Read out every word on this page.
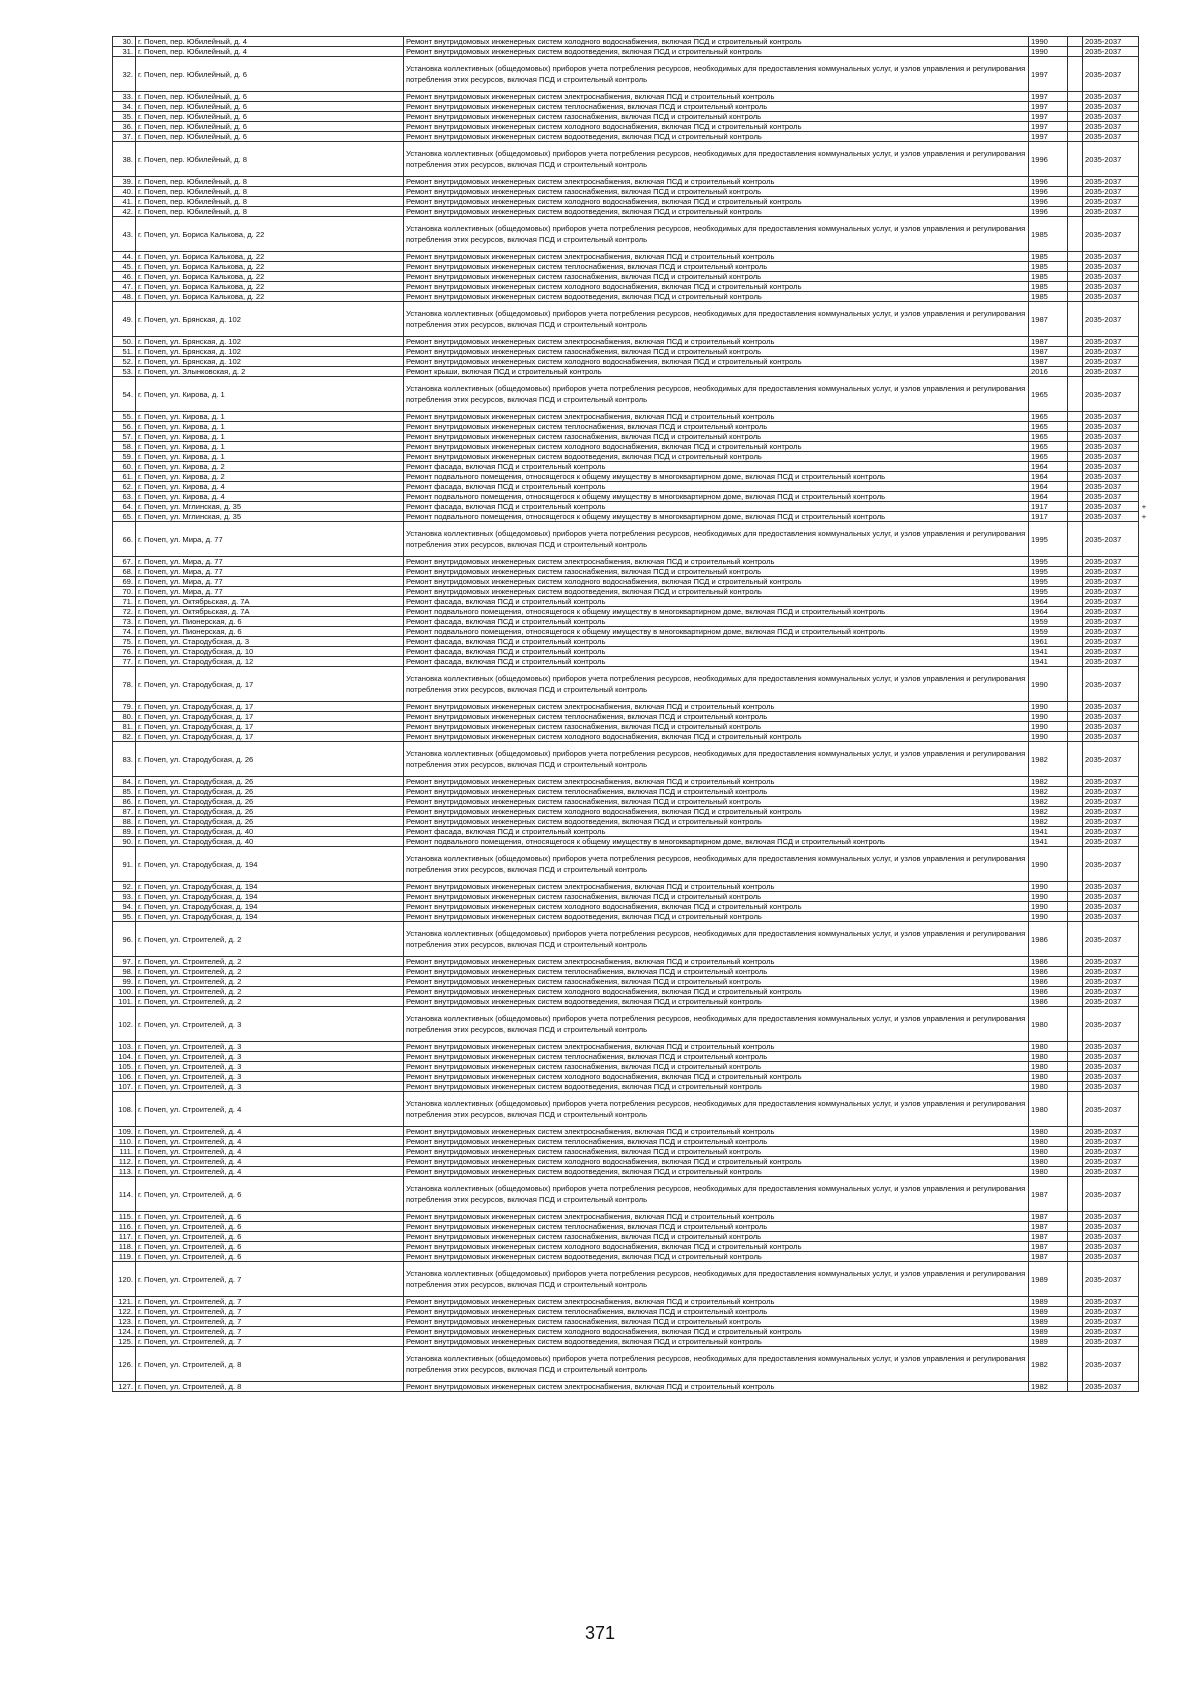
30.	г. Почеп, пер. Юбилейный, д. 4	Ремонт внутридомовых инженерных систем холодного водоснабжения, включая ПСД и строительный контроль	1990		2035-2037	
31.	г. Почеп, пер. Юбилейный, д. 4	Ремонт внутридомовых инженерных систем водоотведения, включая ПСД и строительный контроль	1990		2035-2037	
32.	г. Почеп, пер. Юбилейный, д. 6	Установка коллективных (общедомовых) приборов учета потребления ресурсов, необходимых для предоставления коммунальных услуг, и узлов управления и регулирования потребления этих ресурсов, включая ПСД и строительный контроль	1997		2035-2037	
33.	г. Почеп, пер. Юбилейный, д. 6	Ремонт внутридомовых инженерных систем электроснабжения, включая ПСД и строительный контроль	1997		2035-2037	
34.	г. Почеп, пер. Юбилейный, д. 6	Ремонт внутридомовых инженерных систем теплоснабжения, включая ПСД и строительный контроль	1997		2035-2037	
35.	г. Почеп, пер. Юбилейный, д. 6	Ремонт внутридомовых инженерных систем газоснабжения, включая ПСД и строительный контроль	1997		2035-2037	
36.	г. Почеп, пер. Юбилейный, д. 6	Ремонт внутридомовых инженерных систем холодного водоснабжения, включая ПСД и строительный контроль	1997		2035-2037	
37.	г. Почеп, пер. Юбилейный, д. 6	Ремонт внутридомовых инженерных систем водоотведения, включая ПСД и строительный контроль	1997		2035-2037	
38.	г. Почеп, пер. Юбилейный, д. 8	Установка коллективных (общедомовых) приборов учета потребления ресурсов, необходимых для предоставления коммунальных услуг, и узлов управления и регулирования потребления этих ресурсов, включая ПСД и строительный контроль	1996		2035-2037	
39.	г. Почеп, пер. Юбилейный, д. 8	Ремонт внутридомовых инженерных систем электроснабжения, включая ПСД и строительный контроль	1996		2035-2037	
40.	г. Почеп, пер. Юбилейный, д. 8	Ремонт внутридомовых инженерных систем газоснабжения, включая ПСД и строительный контроль	1996		2035-2037	
41.	г. Почеп, пер. Юбилейный, д. 8	Ремонт внутридомовых инженерных систем холодного водоснабжения, включая ПСД и строительный контроль	1996		2035-2037	
42.	г. Почеп, пер. Юбилейный, д. 8	Ремонт внутридомовых инженерных систем водоотведения, включая ПСД и строительный контроль	1996		2035-2037	
43.	г. Почеп, ул. Бориса Калькова, д. 22	Установка коллективных (общедомовых) приборов учета потребления ресурсов, необходимых для предоставления коммунальных услуг, и узлов управления и регулирования потребления этих ресурсов, включая ПСД и строительный контроль	1985		2035-2037	
44.	г. Почеп, ул. Бориса Калькова, д. 22	Ремонт внутридомовых инженерных систем электроснабжения, включая ПСД и строительный контроль	1985		2035-2037	
45.	г. Почеп, ул. Бориса Калькова, д. 22	Ремонт внутридомовых инженерных систем теплоснабжения, включая ПСД и строительный контроль	1985		2035-2037	
46.	г. Почеп, ул. Бориса Калькова, д. 22	Ремонт внутридомовых инженерных систем газоснабжения, включая ПСД и строительный контроль	1985		2035-2037	
47.	г. Почеп, ул. Бориса Калькова, д. 22	Ремонт внутридомовых инженерных систем холодного водоснабжения, включая ПСД и строительный контроль	1985		2035-2037	
48.	г. Почеп, ул. Бориса Калькова, д. 22	Ремонт внутридомовых инженерных систем водоотведения, включая ПСД и строительный контроль	1985		2035-2037	
49.	г. Почеп, ул. Брянская, д. 102	Установка коллективных (общедомовых) приборов учета потребления ресурсов, необходимых для предоставления коммунальных услуг, и узлов управления и регулирования потребления этих ресурсов, включая ПСД и строительный контроль	1987		2035-2037	
50.	г. Почеп, ул. Брянская, д. 102	Ремонт внутридомовых инженерных систем электроснабжения, включая ПСД и строительный контроль	1987		2035-2037	
51.	г. Почеп, ул. Брянская, д. 102	Ремонт внутридомовых инженерных систем газоснабжения, включая ПСД и строительный контроль	1987		2035-2037	
52.	г. Почеп, ул. Брянская, д. 102	Ремонт внутридомовых инженерных систем холодного водоснабжения, включая ПСД и строительный контроль	1987		2035-2037	
53.	г. Почеп, ул. Злынковская, д. 2	Ремонт крыши, включая ПСД и строительный контроль	2016		2035-2037	
54.	г. Почеп, ул. Кирова, д. 1	Установка коллективных (общедомовых) приборов учета потребления ресурсов, необходимых для предоставления коммунальных услуг, и узлов управления и регулирования потребления этих ресурсов, включая ПСД и строительный контроль	1965		2035-2037	
55.	г. Почеп, ул. Кирова, д. 1	Ремонт внутридомовых инженерных систем электроснабжения, включая ПСД и строительный контроль	1965		2035-2037	
56.	г. Почеп, ул. Кирова, д. 1	Ремонт внутридомовых инженерных систем теплоснабжения, включая ПСД и строительный контроль	1965		2035-2037	
57.	г. Почеп, ул. Кирова, д. 1	Ремонт внутридомовых инженерных систем газоснабжения, включая ПСД и строительный контроль	1965		2035-2037	
58.	г. Почеп, ул. Кирова, д. 1	Ремонт внутридомовых инженерных систем холодного водоснабжения, включая ПСД и строительный контроль	1965		2035-2037	
59.	г. Почеп, ул. Кирова, д. 1	Ремонт внутридомовых инженерных систем водоотведения, включая ПСД и строительный контроль	1965		2035-2037	
60.	г. Почеп, ул. Кирова, д. 2	Ремонт фасада, включая ПСД и строительный контроль	1964		2035-2037	
61.	г. Почеп, ул. Кирова, д. 2	Ремонт подвального помещения, относящегося к общему имуществу в многоквартирном доме, включая ПСД и строительный контроль	1964		2035-2037	
62.	г. Почеп, ул. Кирова, д. 4	Ремонт фасада, включая ПСД и строительный контроль	1964		2035-2037	
63.	г. Почеп, ул. Кирова, д. 4	Ремонт подвального помещения, относящегося к общему имуществу в многоквартирном доме, включая ПСД и строительный контроль	1964		2035-2037	
64.	г. Почеп, ул. Мглинская, д. 35	Ремонт фасада, включая ПСД и строительный контроль	1917		2035-2037	+
65.	г. Почеп, ул. Мглинская, д. 35	Ремонт подвального помещения, относящегося к общему имуществу в многоквартирном доме, включая ПСД и строительный контроль	1917		2035-2037	+
66.	г. Почеп, ул. Мира, д. 77	Установка коллективных (общедомовых) приборов учета потребления ресурсов, необходимых для предоставления коммунальных услуг, и узлов управления и регулирования потребления этих ресурсов, включая ПСД и строительный контроль	1995		2035-2037	
67.	г. Почеп, ул. Мира, д. 77	Ремонт внутридомовых инженерных систем электроснабжения, включая ПСД и строительный контроль	1995		2035-2037	
68.	г. Почеп, ул. Мира, д. 77	Ремонт внутридомовых инженерных систем газоснабжения, включая ПСД и строительный контроль	1995		2035-2037	
69.	г. Почеп, ул. Мира, д. 77	Ремонт внутридомовых инженерных систем холодного водоснабжения, включая ПСД и строительный контроль	1995		2035-2037	
70.	г. Почеп, ул. Мира, д. 77	Ремонт внутридомовых инженерных систем водоотведения, включая ПСД и строительный контроль	1995		2035-2037	
71.	г. Почеп, ул. Октябрьская, д. 7А	Ремонт фасада, включая ПСД и строительный контроль	1964		2035-2037	
72.	г. Почеп, ул. Октябрьская, д. 7А	Ремонт подвального помещения, относящегося к общему имуществу в многоквартирном доме, включая ПСД и строительный контроль	1964		2035-2037	
73.	г. Почеп, ул. Пионерская, д. 6	Ремонт фасада, включая ПСД и строительный контроль	1959		2035-2037	
74.	г. Почеп, ул. Пионерская, д. 6	Ремонт подвального помещения, относящегося к общему имуществу в многоквартирном доме, включая ПСД и строительный контроль	1959		2035-2037	
75.	г. Почеп, ул. Стародубская, д. 3	Ремонт фасада, включая ПСД и строительный контроль	1961		2035-2037	
76.	г. Почеп, ул. Стародубская, д. 10	Ремонт фасада, включая ПСД и строительный контроль	1941		2035-2037	
77.	г. Почеп, ул. Стародубская, д. 12	Ремонт фасада, включая ПСД и строительный контроль	1941		2035-2037	
78.	г. Почеп, ул. Стародубская, д. 17	Установка коллективных (общедомовых) приборов учета потребления ресурсов, необходимых для предоставления коммунальных услуг, и узлов управления и регулирования потребления этих ресурсов, включая ПСД и строительный контроль	1990		2035-2037	
79.	г. Почеп, ул. Стародубская, д. 17	Ремонт внутридомовых инженерных систем электроснабжения, включая ПСД и строительный контроль	1990		2035-2037	
80.	г. Почеп, ул. Стародубская, д. 17	Ремонт внутридомовых инженерных систем теплоснабжения, включая ПСД и строительный контроль	1990		2035-2037	
81.	г. Почеп, ул. Стародубская, д. 17	Ремонт внутридомовых инженерных систем газоснабжения, включая ПСД и строительный контроль	1990		2035-2037	
82.	г. Почеп, ул. Стародубская, д. 17	Ремонт внутридомовых инженерных систем холодного водоснабжения, включая ПСД и строительный контроль	1990		2035-2037	
83.	г. Почеп, ул. Стародубская, д. 26	Установка коллективных (общедомовых) приборов учета потребления ресурсов, необходимых для предоставления коммунальных услуг, и узлов управления и регулирования потребления этих ресурсов, включая ПСД и строительный контроль	1982		2035-2037	
84.	г. Почеп, ул. Стародубская, д. 26	Ремонт внутридомовых инженерных систем электроснабжения, включая ПСД и строительный контроль	1982		2035-2037	
85.	г. Почеп, ул. Стародубская, д. 26	Ремонт внутридомовых инженерных систем теплоснабжения, включая ПСД и строительный контроль	1982		2035-2037	
86.	г. Почеп, ул. Стародубская, д. 26	Ремонт внутридомовых инженерных систем газоснабжения, включая ПСД и строительный контроль	1982		2035-2037	
87.	г. Почеп, ул. Стародубская, д. 26	Ремонт внутридомовых инженерных систем холодного водоснабжения, включая ПСД и строительный контроль	1982		2035-2037	
88.	г. Почеп, ул. Стародубская, д. 26	Ремонт внутридомовых инженерных систем водоотведения, включая ПСД и строительный контроль	1982		2035-2037	
89.	г. Почеп, ул. Стародубская, д. 40	Ремонт фасада, включая ПСД и строительный контроль	1941		2035-2037	
90.	г. Почеп, ул. Стародубская, д. 40	Ремонт подвального помещения, относящегося к общему имуществу в многоквартирном доме, включая ПСД и строительный контроль	1941		2035-2037	
91.	г. Почеп, ул. Стародубская, д. 194	Установка коллективных (общедомовых) приборов учета потребления ресурсов, необходимых для предоставления коммунальных услуг, и узлов управления и регулирования потребления этих ресурсов, включая ПСД и строительный контроль	1990		2035-2037	
92.	г. Почеп, ул. Стародубская, д. 194	Ремонт внутридомовых инженерных систем электроснабжения, включая ПСД и строительный контроль	1990		2035-2037	
93.	г. Почеп, ул. Стародубская, д. 194	Ремонт внутридомовых инженерных систем газоснабжения, включая ПСД и строительный контроль	1990		2035-2037	
94.	г. Почеп, ул. Стародубская, д. 194	Ремонт внутридомовых инженерных систем холодного водоснабжения, включая ПСД и строительный контроль	1990		2035-2037	
95.	г. Почеп, ул. Стародубская, д. 194	Ремонт внутридомовых инженерных систем водоотведения, включая ПСД и строительный контроль	1990		2035-2037	
96.	г. Почеп, ул. Строителей, д. 2	Установка коллективных (общедомовых) приборов учета потребления ресурсов, необходимых для предоставления коммунальных услуг, и узлов управления и регулирования потребления этих ресурсов, включая ПСД и строительный контроль	1986		2035-2037	
97.	г. Почеп, ул. Строителей, д. 2	Ремонт внутридомовых инженерных систем электроснабжения, включая ПСД и строительный контроль	1986		2035-2037	
98.	г. Почеп, ул. Строителей, д. 2	Ремонт внутридомовых инженерных систем теплоснабжения, включая ПСД и строительный контроль	1986		2035-2037	
99.	г. Почеп, ул. Строителей, д. 2	Ремонт внутридомовых инженерных систем газоснабжения, включая ПСД и строительный контроль	1986		2035-2037	
100.	г. Почеп, ул. Строителей, д. 2	Ремонт внутридомовых инженерных систем холодного водоснабжения, включая ПСД и строительный контроль	1986		2035-2037	
101.	г. Почеп, ул. Строителей, д. 2	Ремонт внутридомовых инженерных систем водоотведения, включая ПСД и строительный контроль	1986		2035-2037	
102.	г. Почеп, ул. Строителей, д. 3	Установка коллективных (общедомовых) приборов учета потребления ресурсов, необходимых для предоставления коммунальных услуг, и узлов управления и регулирования потребления этих ресурсов, включая ПСД и строительный контроль	1980		2035-2037	
103.	г. Почеп, ул. Строителей, д. 3	Ремонт внутридомовых инженерных систем электроснабжения, включая ПСД и строительный контроль	1980		2035-2037	
104.	г. Почеп, ул. Строителей, д. 3	Ремонт внутридомовых инженерных систем теплоснабжения, включая ПСД и строительный контроль	1980		2035-2037	
105.	г. Почеп, ул. Строителей, д. 3	Ремонт внутридомовых инженерных систем газоснабжения, включая ПСД и строительный контроль	1980		2035-2037	
106.	г. Почеп, ул. Строителей, д. 3	Ремонт внутридомовых инженерных систем холодного водоснабжения, включая ПСД и строительный контроль	1980		2035-2037	
107.	г. Почеп, ул. Строителей, д. 3	Ремонт внутридомовых инженерных систем водоотведения, включая ПСД и строительный контроль	1980		2035-2037	
108.	г. Почеп, ул. Строителей, д. 4	Установка коллективных (общедомовых) приборов учета потребления ресурсов, необходимых для предоставления коммунальных услуг, и узлов управления и регулирования потребления этих ресурсов, включая ПСД и строительный контроль	1980		2035-2037	
109.	г. Почеп, ул. Строителей, д. 4	Ремонт внутридомовых инженерных систем электроснабжения, включая ПСД и строительный контроль	1980		2035-2037	
110.	г. Почеп, ул. Строителей, д. 4	Ремонт внутридомовых инженерных систем теплоснабжения, включая ПСД и строительный контроль	1980		2035-2037	
111.	г. Почеп, ул. Строителей, д. 4	Ремонт внутридомовых инженерных систем газоснабжения, включая ПСД и строительный контроль	1980		2035-2037	
112.	г. Почеп, ул. Строителей, д. 4	Ремонт внутридомовых инженерных систем холодного водоснабжения, включая ПСД и строительный контроль	1980		2035-2037	
113.	г. Почеп, ул. Строителей, д. 4	Ремонт внутридомовых инженерных систем водоотведения, включая ПСД и строительный контроль	1980		2035-2037	
114.	г. Почеп, ул. Строителей, д. 6	Установка коллективных (общедомовых) приборов учета потребления ресурсов, необходимых для предоставления коммунальных услуг, и узлов управления и регулирования потребления этих ресурсов, включая ПСД и строительный контроль	1987		2035-2037	
115.	г. Почеп, ул. Строителей, д. 6	Ремонт внутридомовых инженерных систем электроснабжения, включая ПСД и строительный контроль	1987		2035-2037	
116.	г. Почеп, ул. Строителей, д. 6	Ремонт внутридомовых инженерных систем теплоснабжения, включая ПСД и строительный контроль	1987		2035-2037	
117.	г. Почеп, ул. Строителей, д. 6	Ремонт внутридомовых инженерных систем газоснабжения, включая ПСД и строительный контроль	1987		2035-2037	
118.	г. Почеп, ул. Строителей, д. 6	Ремонт внутридомовых инженерных систем холодного водоснабжения, включая ПСД и строительный контроль	1987		2035-2037	
119.	г. Почеп, ул. Строителей, д. 6	Ремонт внутридомовых инженерных систем водоотведения, включая ПСД и строительный контроль	1987		2035-2037	
120.	г. Почеп, ул. Строителей, д. 7	Установка коллективных (общедомовых) приборов учета потребления ресурсов, необходимых для предоставления коммунальных услуг, и узлов управления и регулирования потребления этих ресурсов, включая ПСД и строительный контроль	1989		2035-2037	
121.	г. Почеп, ул. Строителей, д. 7	Ремонт внутридомовых инженерных систем электроснабжения, включая ПСД и строительный контроль	1989		2035-2037	
122.	г. Почеп, ул. Строителей, д. 7	Ремонт внутридомовых инженерных систем теплоснабжения, включая ПСД и строительный контроль	1989		2035-2037	
123.	г. Почеп, ул. Строителей, д. 7	Ремонт внутридомовых инженерных систем газоснабжения, включая ПСД и строительный контроль	1989		2035-2037	
124.	г. Почеп, ул. Строителей, д. 7	Ремонт внутридомовых инженерных систем холодного водоснабжения, включая ПСД и строительный контроль	1989		2035-2037	
125.	г. Почеп, ул. Строителей, д. 7	Ремонт внутридомовых инженерных систем водоотведения, включая ПСД и строительный контроль	1989		2035-2037	
126.	г. Почеп, ул. Строителей, д. 8	Установка коллективных (общедомовых) приборов учета потребления ресурсов, необходимых для предоставления коммунальных услуг, и узлов управления и регулирования потребления этих ресурсов, включая ПСД и строительный контроль	1982		2035-2037	
127.	г. Почеп, ул. Строителей, д. 8	Ремонт внутридомовых инженерных систем электроснабжения, включая ПСД и строительный контроль	1982		2035-2037	
371
